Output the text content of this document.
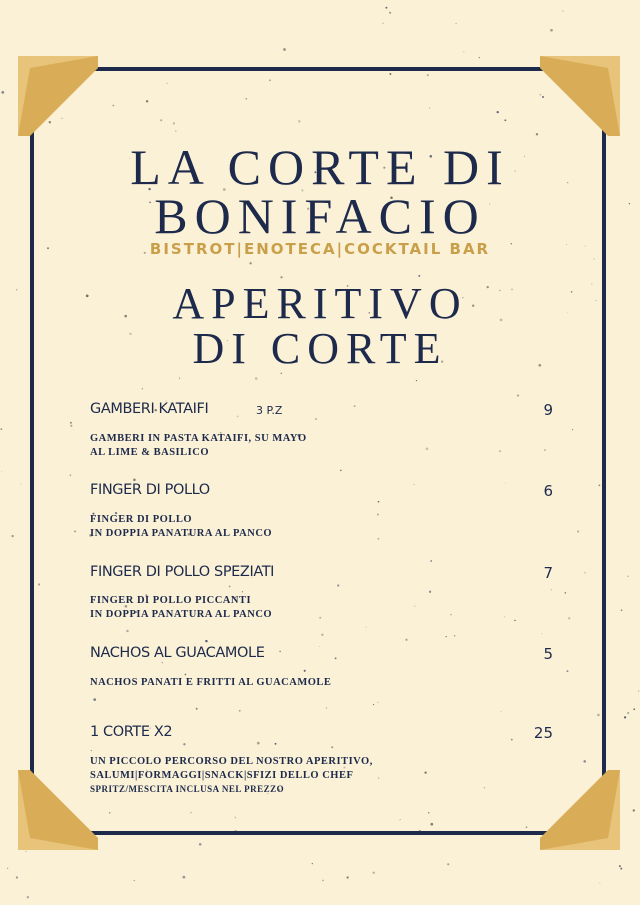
LA CORTE DI
BONIFACIO
BISTROT|ENOTECA|COCKTAIL BAR
APERITIVO
DI CORTE
GAMBERI KATAIFI	3 P.Z	9
GAMBERI IN PASTA KATAIFI, SU MAYO
AL LIME & BASILICO
FINGER DI POLLO	6
FINGER DI POLLO
IN DOPPIA PANATURA AL PANCO
FINGER DI POLLO SPEZIATI	7
FINGER DI POLLO PICCANTI
IN DOPPIA PANATURA AL PANCO
NACHOS AL GUACAMOLE	5
NACHOS PANATI E FRITTI AL GUACAMOLE
1 CORTE X2	25
UN PICCOLO PERCORSO DEL NOSTRO APERITIVO,
SALUMI|FORMAGGI|SNACK|SFIZI DELLO CHEF
SPRITZ/MESCITA INCLUSA NEL PREZZO
